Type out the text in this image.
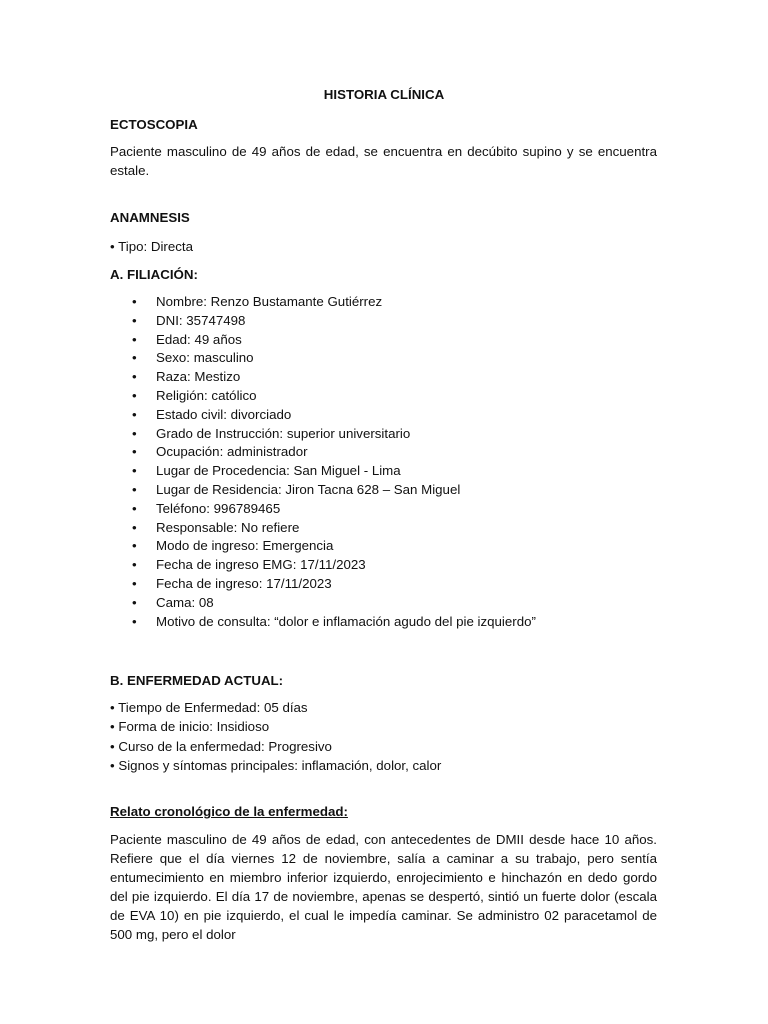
HISTORIA CLÍNICA
ECTOSCOPIA
Paciente masculino de 49 años de edad, se encuentra en decúbito supino y se encuentra estale.
ANAMNESIS
• Tipo: Directa
A. FILIACIÓN:
• Nombre: Renzo Bustamante Gutiérrez
• DNI: 35747498
• Edad: 49 años
• Sexo: masculino
• Raza: Mestizo
• Religión: católico
• Estado civil: divorciado
• Grado de Instrucción: superior universitario
• Ocupación: administrador
• Lugar de Procedencia: San Miguel - Lima
• Lugar de Residencia: Jiron Tacna 628 – San Miguel
• Teléfono: 996789465
• Responsable: No refiere
• Modo de ingreso: Emergencia
• Fecha de ingreso EMG: 17/11/2023
• Fecha de ingreso: 17/11/2023
• Cama: 08
• Motivo de consulta: “dolor e inflamación agudo del pie izquierdo”
B. ENFERMEDAD ACTUAL:
• Tiempo de Enfermedad: 05 días
• Forma de inicio: Insidioso
• Curso de la enfermedad: Progresivo
• Signos y síntomas principales: inflamación, dolor, calor
Relato cronológico de la enfermedad:
Paciente masculino de 49 años de edad, con antecedentes de DMII desde hace 10 años. Refiere que el día viernes 12 de noviembre, salía a caminar a su trabajo, pero sentía entumecimiento en miembro inferior izquierdo, enrojecimiento e hinchazón en dedo gordo del pie izquierdo. El día 17 de noviembre, apenas se despertó, sintió un fuerte dolor (escala de EVA 10) en pie izquierdo, el cual le impedía caminar. Se administro 02 paracetamol de 500 mg, pero el dolor
